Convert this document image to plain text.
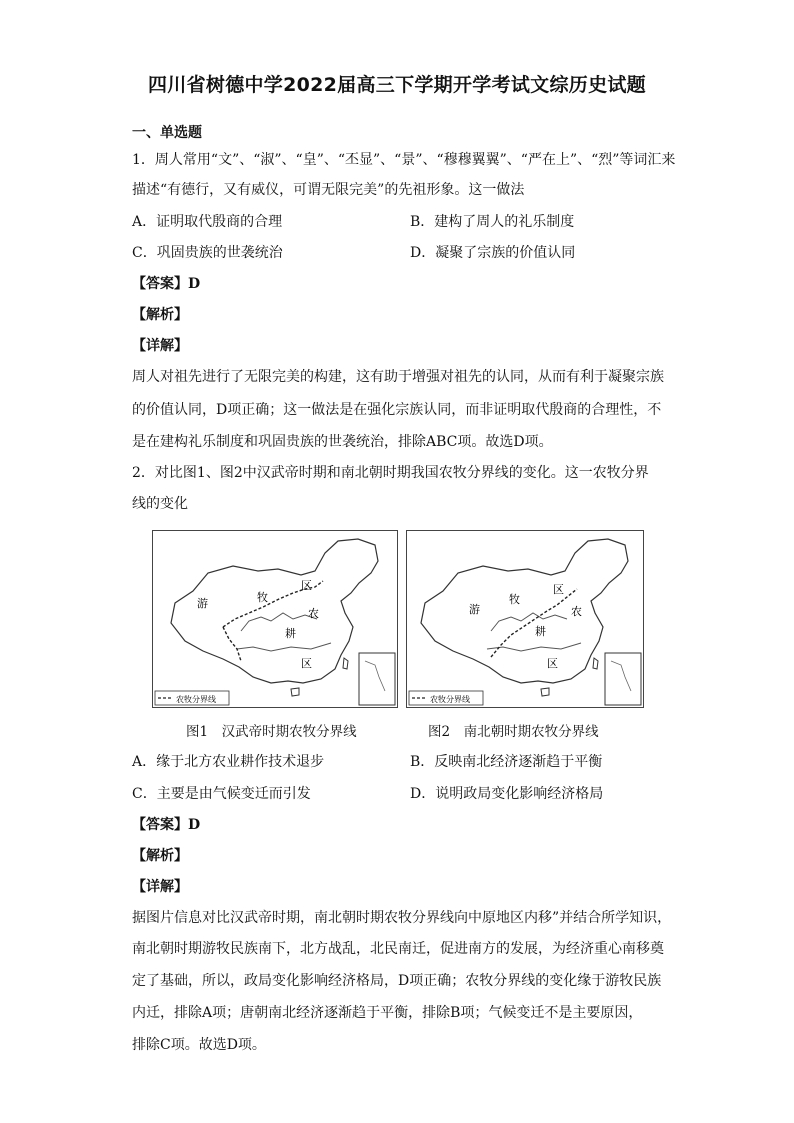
四川省树德中学2022届高三下学期开学考试文综历史试题
一、单选题
1．周人常用“文”、“淑”、“皇”、“丕显”、“景”、“穆穆翼翼”、“严在上”、“烈”等词汇来
描述“有德行，又有威仪，可谓无限完美”的先祖形象。这一做法
A．证明取代殷商的合理	B．建构了周人的礼乐制度
C．巩固贵族的世袭统治	D．凝聚了宗族的价值认同
【答案】D
【解析】
【详解】
周人对祖先进行了无限完美的构建，这有助于增强对祖先的认同，从而有利于凝聚宗族
的价值认同，D项正确；这一做法是在强化宗族认同，而非证明取代殷商的合理性，不
是在建构礼乐制度和巩固贵族的世袭统治，排除ABC项。故选D项。
2．对比图1、图2中汉武帝时期和南北朝时期我国农牧分界线的变化。这一农牧分界
线的变化
游	牧
区
农
耕
区
农牧分界线
游
牧
区
农
耕
区
农牧分界线
图1　汉武帝时期农牧分界线	图2　南北朝时期农牧分界线
A．缘于北方农业耕作技术退步	B．反映南北经济逐渐趋于平衡
C．主要是由气候变迁而引发	D．说明政局变化影响经济格局
【答案】D
【解析】
【详解】
据图片信息对比汉武帝时期，南北朝时期农牧分界线向中原地区内移”并结合所学知识，
南北朝时期游牧民族南下，北方战乱，北民南迁，促进南方的发展，为经济重心南移奠
定了基础，所以，政局变化影响经济格局，D项正确；农牧分界线的变化缘于游牧民族
内迁，排除A项；唐朝南北经济逐渐趋于平衡，排除B项；气候变迁不是主要原因，
排除C项。故选D项。
